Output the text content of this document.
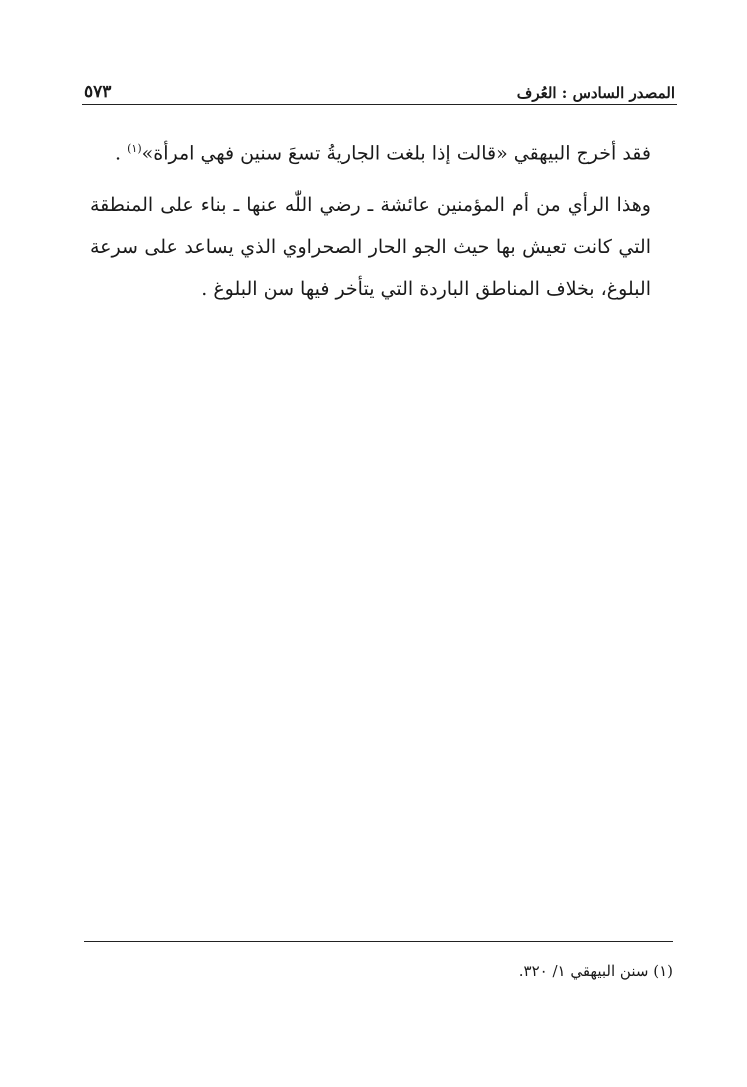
المصدر السادس : العُرف
٥٧٣

فقد أخرج البيهقي «قالت إذا بلغت الجاريةُ تسعَ سنين فهي امرأة»$^{(١)}$ .

وهذا الرأي من أم المؤمنين عائشة ـ رضي اللّٰه عنها ـ بناء على المنطقة التي كانت تعيش بها حيث الجو الحار الصحراوي الذي يساعد على سرعة البلوغ، بخلاف المناطق الباردة التي يتأخر فيها سن البلوغ .

(١) سنن البيهقي ١/ ٣٢٠.
